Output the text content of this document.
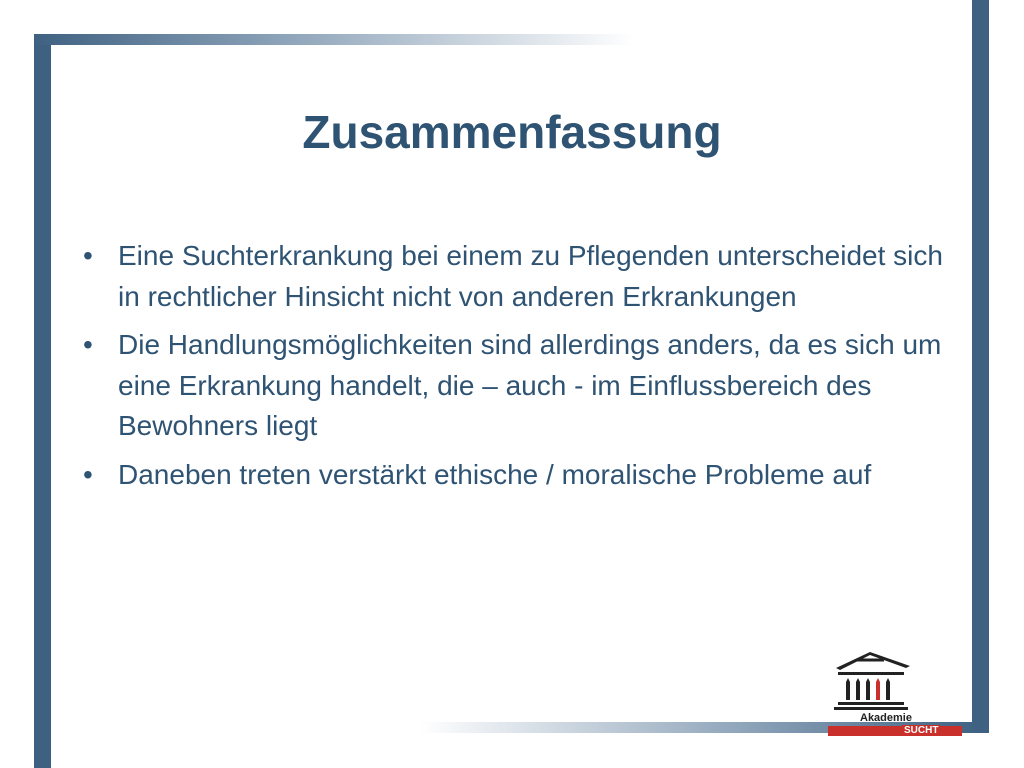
Zusammenfassung
• Eine Suchterkrankung bei einem zu Pflegenden unterscheidet sich in rechtlicher Hinsicht nicht von anderen Erkrankungen
• Die Handlungsmöglichkeiten sind allerdings anders, da es sich um eine Erkrankung handelt, die – auch - im Einflussbereich des Bewohners liegt
• Daneben treten verstärkt ethische / moralische Probleme auf
Akademie
SUCHT
